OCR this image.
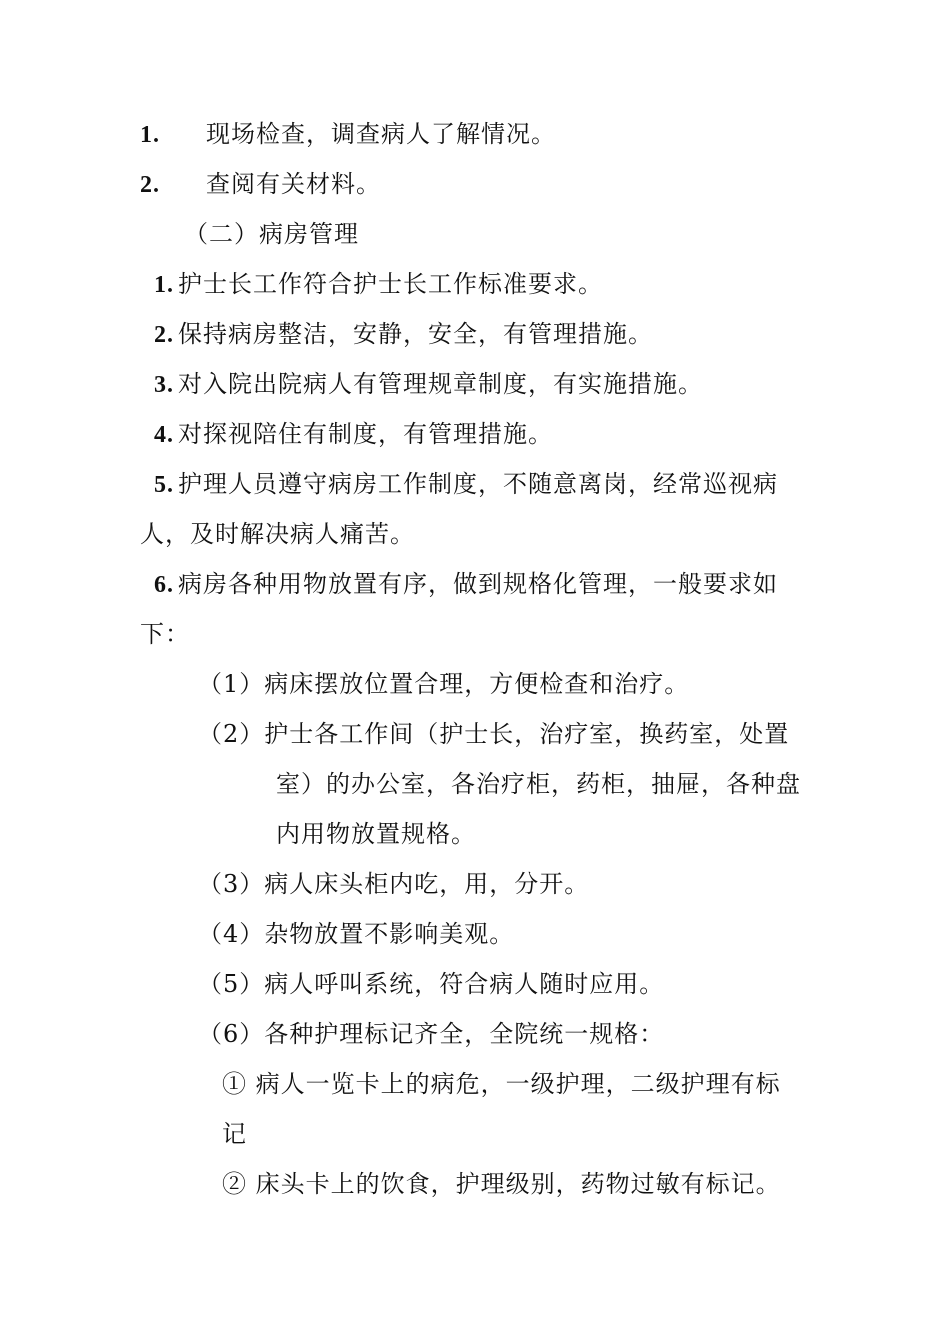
1. 现场检查，调查病人了解情况。
2. 查阅有关材料。
（二）病房管理
1. 护士长工作符合护士长工作标准要求。
2. 保持病房整洁，安静，安全，有管理措施。
3. 对入院出院病人有管理规章制度，有实施措施。
4. 对探视陪住有制度，有管理措施。
5. 护理人员遵守病房工作制度，不随意离岗，经常巡视病
人，及时解决病人痛苦。
6. 病房各种用物放置有序，做到规格化管理，一般要求如
下：
（1）病床摆放位置合理，方便检查和治疗。
（2）护士各工作间（护士长，治疗室，换药室，处置
室）的办公室，各治疗柜，药柜，抽屉，各种盘
内用物放置规格。
（3）病人床头柜内吃，用，分开。
（4）杂物放置不影响美观。
（5）病人呼叫系统，符合病人随时应用。
（6）各种护理标记齐全，全院统一规格：
① 病人一览卡上的病危，一级护理，二级护理有标
记
② 床头卡上的饮食，护理级别，药物过敏有标记。
